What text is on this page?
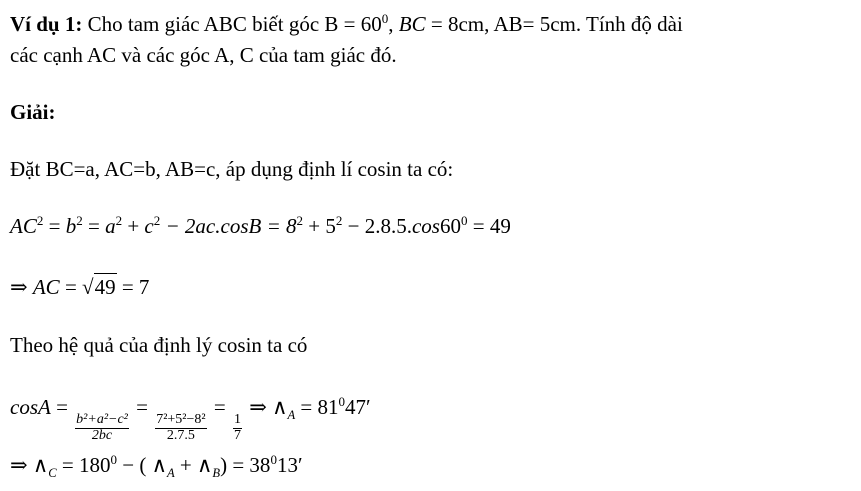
Ví dụ 1: Cho tam giác ABC biết góc $B = 60^0$, BC = 8cm, AB= 5cm. Tính độ dài
các cạnh AC và các góc A, C của tam giác đó.
Giải:
Đặt BC=a, AC=b, AB=c, áp dụng định lí cosin ta có:
$AC^2 = b^2 = a^2 + c^2 - 2ac.\cos B = 8^2 + 5^2 - 2.8.5.\cos 60^0 = 49$
⇒ AC = √49 = 7
Theo hệ quả của định lý cosin ta có
cosA =
$\frac{\text{b²+a²−c²}}{2bc}$
=
$\frac{\text{7²+5²−8²}}{2.7.5}$
=
$\frac{1}{7}$
⇒ $\wedge_A = 81^047'$
⇒ $\wedge_C = 180^0$ − ( $\wedge_A$ + $\wedge_B) = 38^013'$
